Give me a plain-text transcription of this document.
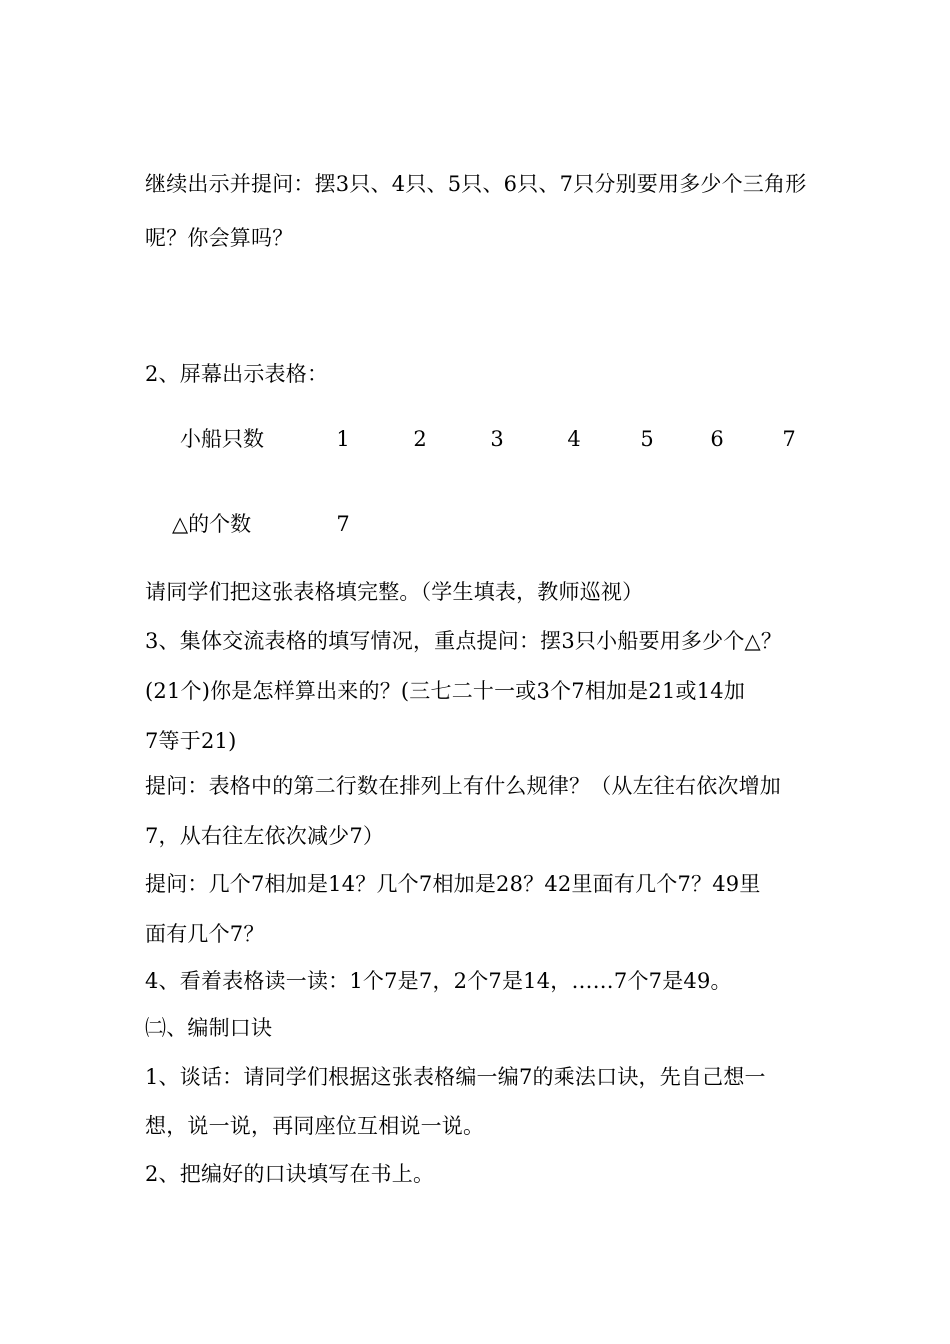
继续出示并提问：摆3只、4只、5只、6只、7只分别要用多少个三角形
呢？你会算吗？
2、屏幕出示表格：
小船只数	1	2	3	4	5	6	7
△的个数	7
请同学们把这张表格填完整。（学生填表，教师巡视）
3、集体交流表格的填写情况，重点提问：摆3只小船要用多少个△？
(21个)你是怎样算出来的？(三七二十一或3个7相加是21或14加
7等于21)
提问：表格中的第二行数在排列上有什么规律？（从左往右依次增加
7，从右往左依次减少7）
提问：几个7相加是14？几个7相加是28？42里面有几个7？49里
面有几个7？
4、看着表格读一读：1个7是7，2个7是14，……7个7是49。
㈡、编制口诀
1、谈话：请同学们根据这张表格编一编7的乘法口诀，先自己想一
想，说一说，再同座位互相说一说。
2、把编好的口诀填写在书上。
